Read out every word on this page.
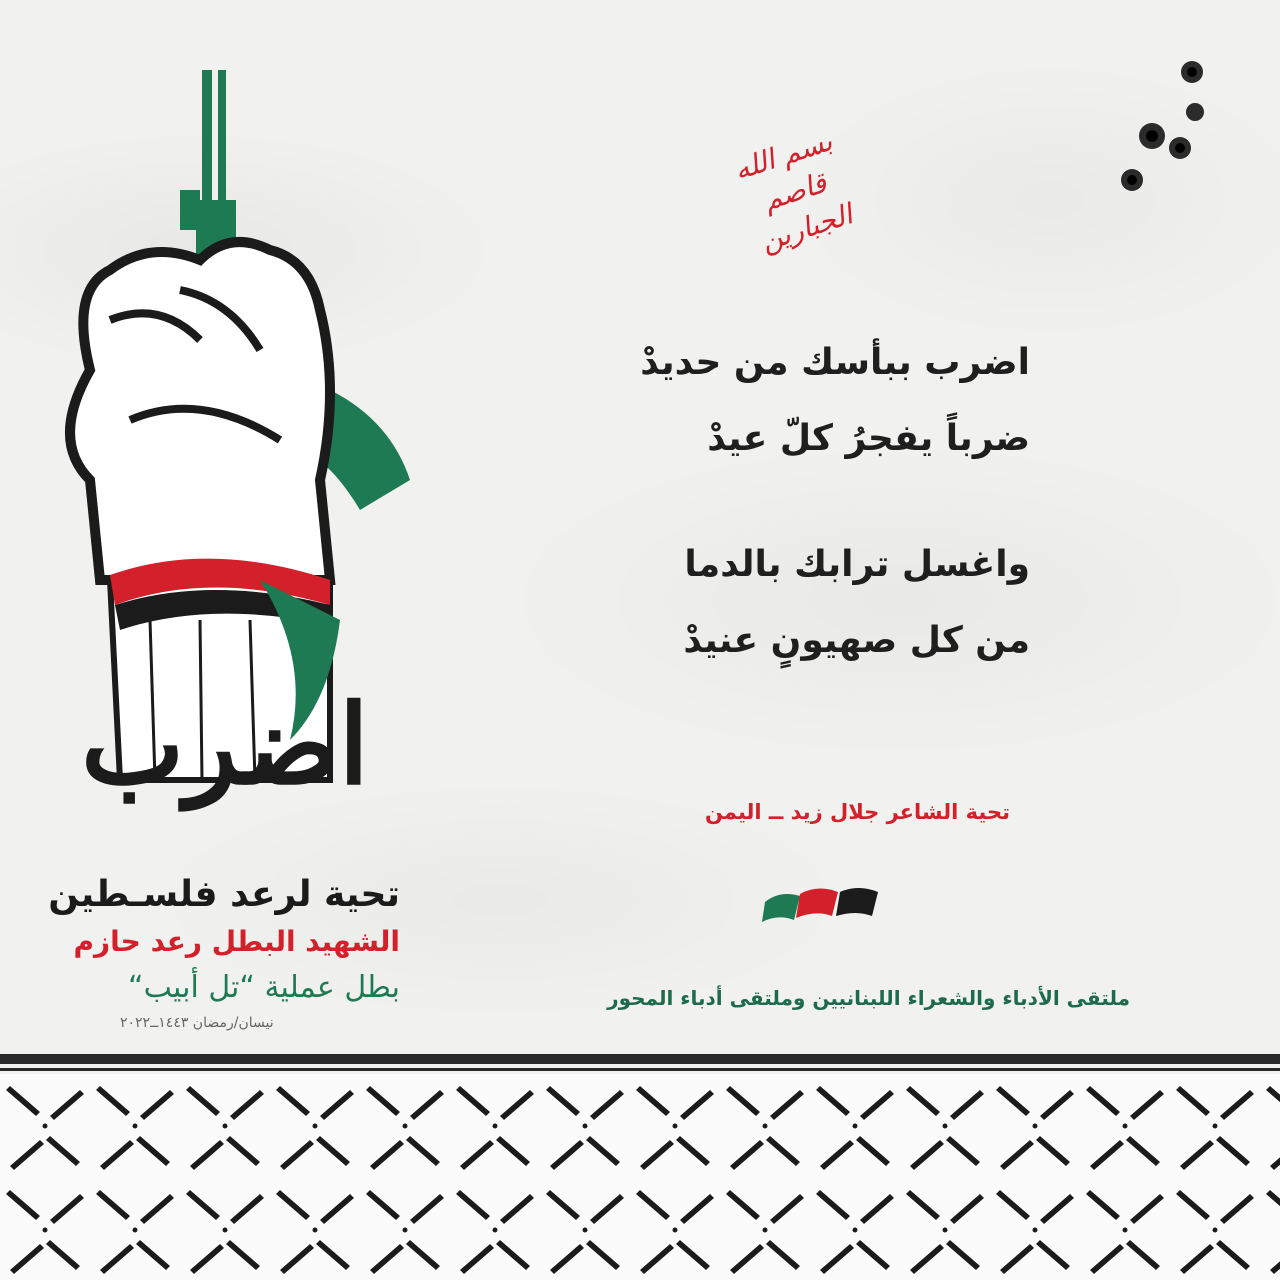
اضرب
بسم الله قاصم الجبارين
اضرب ببأسك من حديدْ
ضرباً يفجرُ كلّ عيدْ
واغسل ترابك بالدما
من كل صهيونٍ عنيدْ
تحية الشاعر جلال زيد ــ اليمن
ملتقى الأدباء والشعراء اللبنانيين وملتقى أدباء المحور
تحية لرعد فلسـطين
الشهيد البطل رعد حازم
بطل عملية “تل أبيب“
نيسان/رمضان ١٤٤٣ــ٢٠٢٢
